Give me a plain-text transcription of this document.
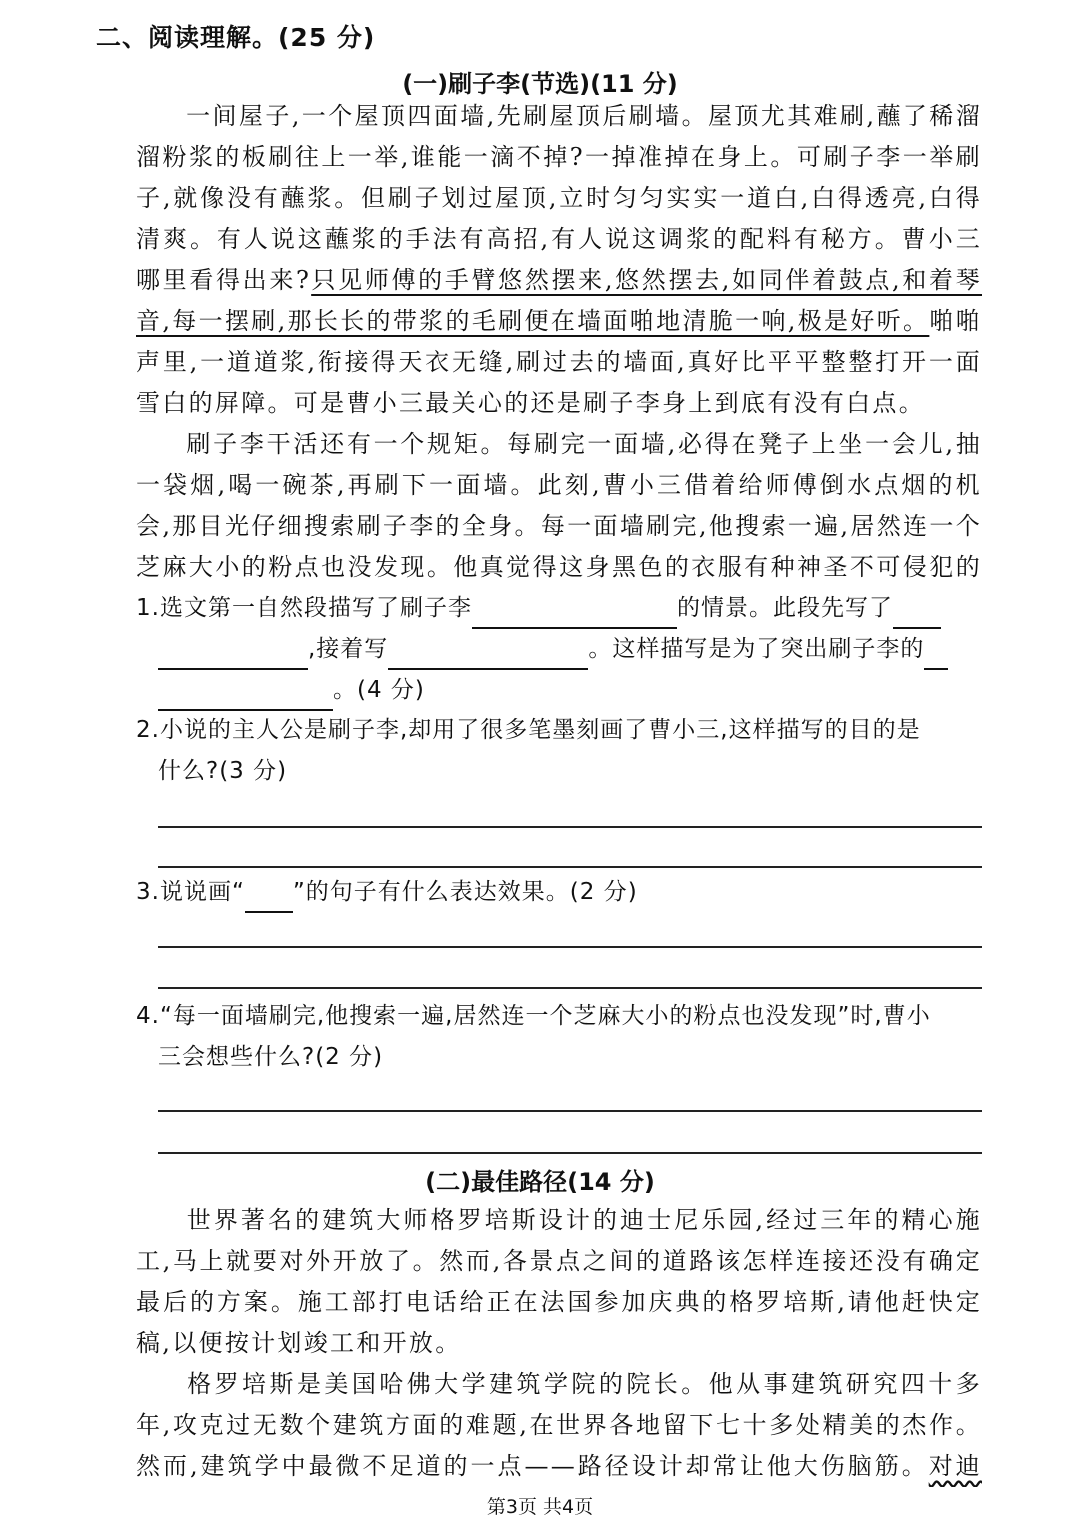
二、阅读理解。(25 分)
(一)刷子李(节选)(11 分)
一间屋子,一个屋顶四面墙,先刷屋顶后刷墙。屋顶尤其难刷,蘸了稀溜溜粉浆的板刷往上一举,谁能一滴不掉?一掉准掉在身上。可刷子李一举刷子,就像没有蘸浆。但刷子划过屋顶,立时匀匀实实一道白,白得透亮,白得清爽。有人说这蘸浆的手法有高招,有人说这调浆的配料有秘方。曹小三哪里看得出来?只见师傅的手臂悠然摆来,悠然摆去,如同伴着鼓点,和着琴音,每一摆刷,那长长的带浆的毛刷便在墙面啪地清脆一响,极是好听。啪啪声里,一道道浆,衔接得天衣无缝,刷过去的墙面,真好比平平整整打开一面雪白的屏障。可是曹小三最关心的还是刷子李身上到底有没有白点。
刷子李干活还有一个规矩。每刷完一面墙,必得在凳子上坐一会儿,抽一袋烟,喝一碗茶,再刷下一面墙。此刻,曹小三借着给师傅倒水点烟的机会,那目光仔细搜索刷子李的全身。每一面墙刷完,他搜索一遍,居然连一个芝麻大小的粉点也没发现。他真觉得这身黑色的衣服有种神圣不可侵犯的
1.选文第一自然段描写了刷子李	的情景。此段先写了
,接着写	。这样描写是为了突出刷子李的
。(4 分)
2.小说的主人公是刷子李,却用了很多笔墨刻画了曹小三,这样描写的目的是
什么?(3 分)
3.说说画“ ”的句子有什么表达效果。(2 分)
4.“每一面墙刷完,他搜索一遍,居然连一个芝麻大小的粉点也没发现”时,曹小
三会想些什么?(2 分)
(二)最佳路径(14 分)
世界著名的建筑大师格罗培斯设计的迪士尼乐园,经过三年的精心施工,马上就要对外开放了。然而,各景点之间的道路该怎样连接还没有确定最后的方案。施工部打电话给正在法国参加庆典的格罗培斯,请他赶快定稿,以便按计划竣工和开放。
格罗培斯是美国哈佛大学建筑学院的院长。他从事建筑研究四十多年,攻克过无数个建筑方面的难题,在世界各地留下七十多处精美的杰作。然而,建筑学中最微不足道的一点——路径设计却常让他大伤脑筋。对迪
第3页 共4页
